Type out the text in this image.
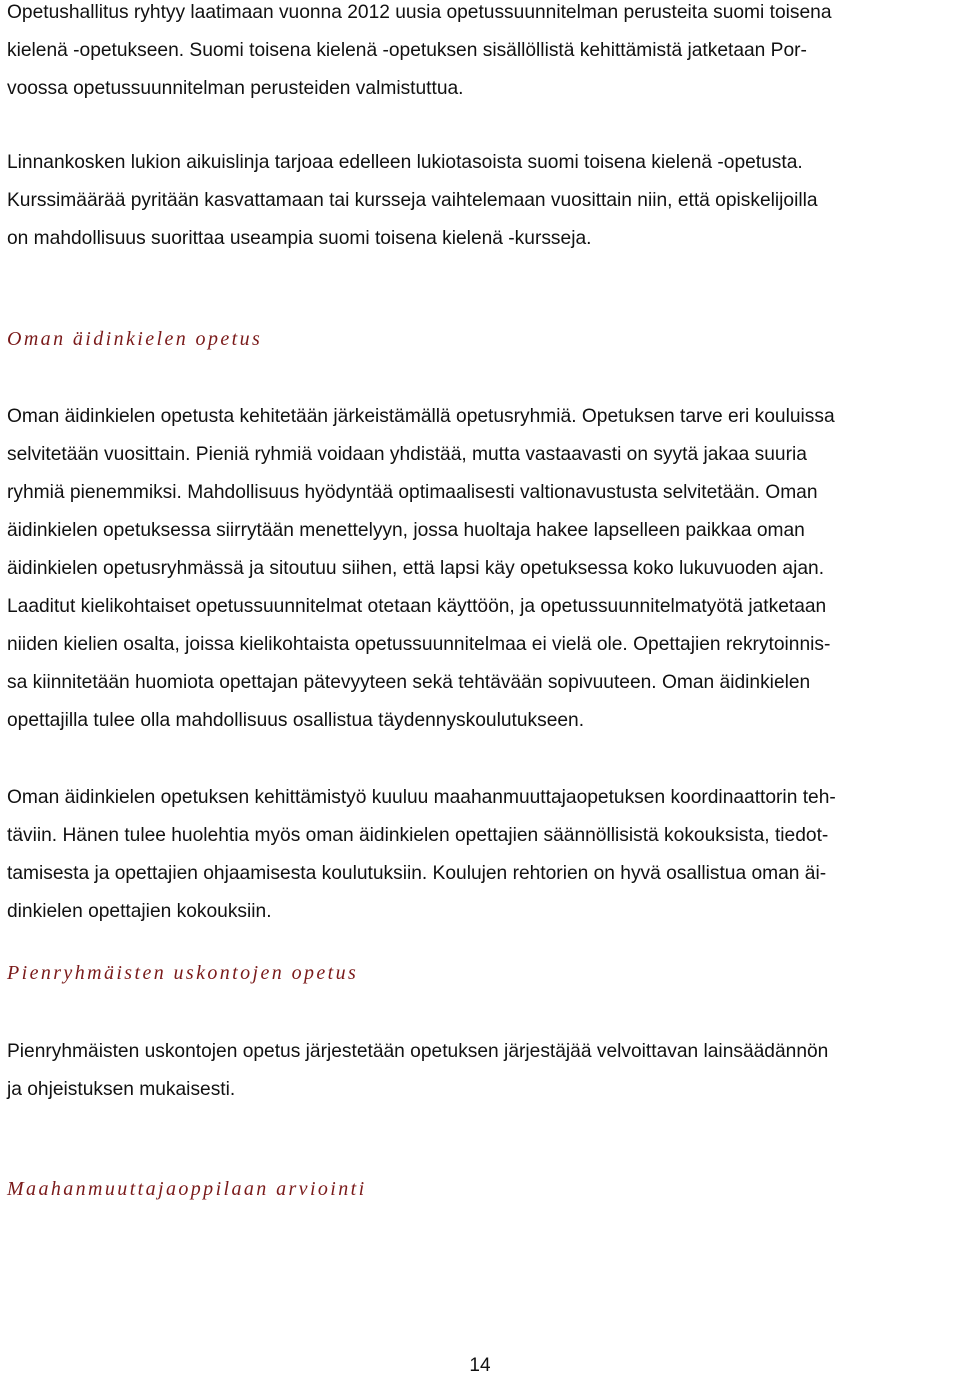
Opetushallitus ryhtyy laatimaan vuonna 2012 uusia opetussuunnitelman perusteita suomi toisena
kielenä -opetukseen. Suomi toisena kielenä -opetuksen sisällöllistä kehittämistä jatketaan Por-
voossa opetussuunnitelman perusteiden valmistuttua.

Linnankosken lukion aikuislinja tarjoaa edelleen lukiotasoista suomi toisena kielenä -opetusta.
Kurssimäärää pyritään kasvattamaan tai kursseja vaihtelemaan vuosittain niin, että opiskelijoilla
on mahdollisuus suorittaa useampia suomi toisena kielenä -kursseja.

Oman äidinkielen opetus

Oman äidinkielen opetusta kehitetään järkeistämällä opetusryhmiä. Opetuksen tarve eri kouluissa
selvitetään vuosittain. Pieniä ryhmiä voidaan yhdistää, mutta vastaavasti on syytä jakaa suuria
ryhmiä pienemmiksi. Mahdollisuus hyödyntää optimaalisesti valtionavustusta selvitetään. Oman
äidinkielen opetuksessa siirrytään menettelyyn, jossa huoltaja hakee lapselleen paikkaa oman
äidinkielen opetusryhmässä ja sitoutuu siihen, että lapsi käy opetuksessa koko lukuvuoden ajan.
Laaditut kielikohtaiset opetussuunnitelmat otetaan käyttöön, ja opetussuunnitelmatyötä jatketaan
niiden kielien osalta, joissa kielikohtaista opetussuunnitelmaa ei vielä ole. Opettajien rekrytoinnis-
sa kiinnitetään huomiota opettajan pätevyyteen sekä tehtävään sopivuuteen. Oman äidinkielen
opettajilla tulee olla mahdollisuus osallistua täydennyskoulutukseen.

Oman äidinkielen opetuksen kehittämistyö kuuluu maahanmuuttajaopetuksen koordinaattorin teh-
täviin. Hänen tulee huolehtia myös oman äidinkielen opettajien säännöllisistä kokouksista, tiedot-
tamisesta ja opettajien ohjaamisesta koulutuksiin. Koulujen rehtorien on hyvä osallistua oman äi-
dinkielen opettajien kokouksiin.

Pienryhmäisten uskontojen opetus

Pienryhmäisten uskontojen opetus järjestetään opetuksen järjestäjää velvoittavan lainsäädännön
ja ohjeistuksen mukaisesti.

Maahanmuuttajaoppilaan arviointi
14
